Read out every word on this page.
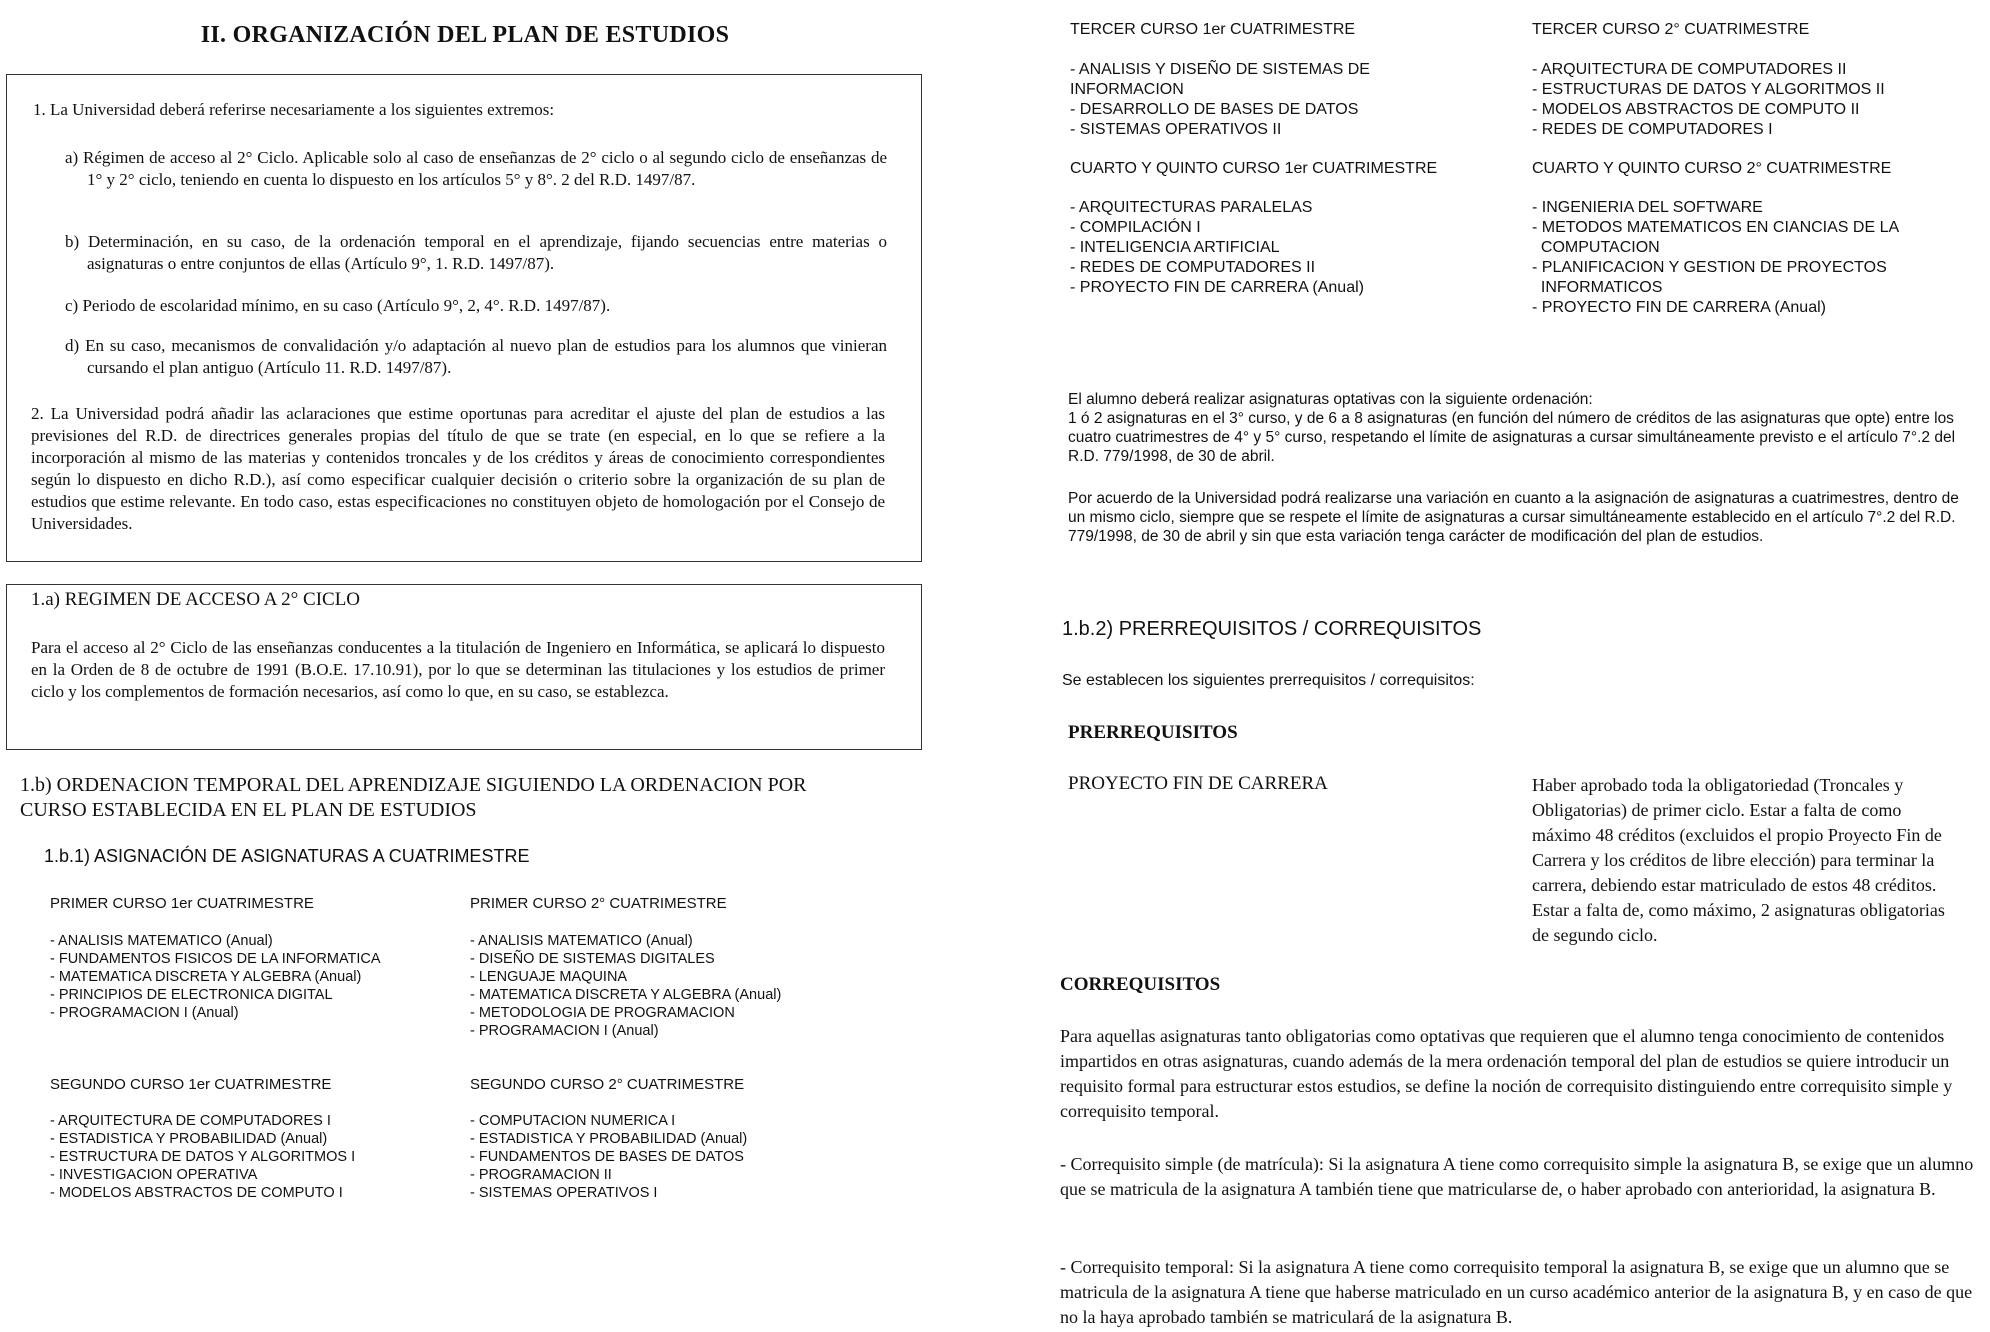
II. ORGANIZACIÓN DEL PLAN DE ESTUDIOS
1. La Universidad deberá referirse necesariamente a los siguientes extremos:
a) Régimen de acceso al 2° Ciclo. Aplicable solo al caso de enseñanzas de 2° ciclo o al segundo ciclo de enseñanzas de 1° y 2° ciclo, teniendo en cuenta lo dispuesto en los artículos 5° y 8°. 2 del R.D. 1497/87.
b) Determinación, en su caso, de la ordenación temporal en el aprendizaje, fijando secuencias entre materias o asignaturas o entre conjuntos de ellas (Artículo 9°, 1. R.D. 1497/87).
c) Periodo de escolaridad mínimo, en su caso (Artículo 9°, 2, 4°. R.D. 1497/87).
d) En su caso, mecanismos de convalidación y/o adaptación al nuevo plan de estudios para los alumnos que vinieran cursando el plan antiguo (Artículo 11. R.D. 1497/87).
2. La Universidad podrá añadir las aclaraciones que estime oportunas para acreditar el ajuste del plan de estudios a las previsiones del R.D. de directrices generales propias del título de que se trate (en especial, en lo que se refiere a la incorporación al mismo de las materias y contenidos troncales y de los créditos y áreas de conocimiento correspondientes según lo dispuesto en dicho R.D.), así como especificar cualquier decisión o criterio sobre la organización de su plan de estudios que estime relevante. En todo caso, estas especificaciones no constituyen objeto de homologación por el Consejo de Universidades.
1.a) REGIMEN DE ACCESO A 2° CICLO
Para el acceso al 2° Ciclo de las enseñanzas conducentes a la titulación de Ingeniero en Informática, se aplicará lo dispuesto en la Orden de 8 de octubre de 1991 (B.O.E. 17.10.91), por lo que se determinan las titulaciones y los estudios de primer ciclo y los complementos de formación necesarios, así como lo que, en su caso, se establezca.
1.b) ORDENACION TEMPORAL DEL APRENDIZAJE SIGUIENDO LA ORDENACION POR
CURSO ESTABLECIDA EN EL PLAN DE ESTUDIOS
1.b.1) ASIGNACIÓN DE ASIGNATURAS A CUATRIMESTRE
PRIMER CURSO 1er CUATRIMESTRE
- ANALISIS MATEMATICO (Anual)
- FUNDAMENTOS FISICOS DE LA INFORMATICA
- MATEMATICA DISCRETA Y ALGEBRA (Anual)
- PRINCIPIOS DE ELECTRONICA DIGITAL
- PROGRAMACION I (Anual)
PRIMER CURSO 2° CUATRIMESTRE
- ANALISIS MATEMATICO (Anual)
- DISEÑO DE SISTEMAS DIGITALES
- LENGUAJE MAQUINA
- MATEMATICA DISCRETA Y ALGEBRA (Anual)
- METODOLOGIA DE PROGRAMACION
- PROGRAMACION I (Anual)
SEGUNDO CURSO 1er CUATRIMESTRE
- ARQUITECTURA DE COMPUTADORES I
- ESTADISTICA Y PROBABILIDAD (Anual)
- ESTRUCTURA DE DATOS Y ALGORITMOS I
- INVESTIGACION OPERATIVA
- MODELOS ABSTRACTOS DE COMPUTO I
SEGUNDO CURSO 2° CUATRIMESTRE
- COMPUTACION NUMERICA I
- ESTADISTICA Y PROBABILIDAD (Anual)
- FUNDAMENTOS DE BASES DE DATOS
- PROGRAMACION II
- SISTEMAS OPERATIVOS I
TERCER CURSO 1er CUATRIMESTRE
- ANALISIS Y DISEÑO DE SISTEMAS DE
INFORMACION
- DESARROLLO DE BASES DE DATOS
- SISTEMAS OPERATIVOS II
TERCER CURSO 2° CUATRIMESTRE
- ARQUITECTURA DE COMPUTADORES II
- ESTRUCTURAS DE DATOS Y ALGORITMOS II
- MODELOS ABSTRACTOS DE COMPUTO II
- REDES DE COMPUTADORES I
CUARTO Y QUINTO CURSO 1er CUATRIMESTRE
- ARQUITECTURAS PARALELAS
- COMPILACIÓN I
- INTELIGENCIA ARTIFICIAL
- REDES DE COMPUTADORES II
- PROYECTO FIN DE CARRERA (Anual)
CUARTO Y QUINTO CURSO 2° CUATRIMESTRE
- INGENIERIA DEL SOFTWARE
- METODOS MATEMATICOS EN CIANCIAS DE LA
COMPUTACION
- PLANIFICACION Y GESTION DE PROYECTOS
INFORMATICOS
- PROYECTO FIN DE CARRERA (Anual)
El alumno deberá realizar asignaturas optativas con la siguiente ordenación:
1 ó 2 asignaturas en el 3° curso, y de 6 a 8 asignaturas (en función del número de créditos de las asignaturas que opte) entre los cuatro cuatrimestres de 4° y 5° curso, respetando el límite de asignaturas a cursar simultáneamente previsto e el artículo 7°.2 del R.D. 779/1998, de 30 de abril.
Por acuerdo de la Universidad podrá realizarse una variación en cuanto a la asignación de asignaturas a cuatrimestres, dentro de un mismo ciclo, siempre que se respete el límite de asignaturas a cursar simultáneamente establecido en el artículo 7°.2 del R.D. 779/1998, de 30 de abril y sin que esta variación tenga carácter de modificación del plan de estudios.
1.b.2) PRERREQUISITOS / CORREQUISITOS
Se establecen los siguientes prerrequisitos / correquisitos:
PRERREQUISITOS
PROYECTO FIN DE CARRERA	Haber aprobado toda la obligatoriedad (Troncales y Obligatorias) de primer ciclo. Estar a falta de como máximo 48 créditos (excluidos el propio Proyecto Fin de Carrera y los créditos de libre elección) para terminar la carrera, debiendo estar matriculado de estos 48 créditos. Estar a falta de, como máximo, 2 asignaturas obligatorias de segundo ciclo.
CORREQUISITOS
Para aquellas asignaturas tanto obligatorias como optativas que requieren que el alumno tenga conocimiento de contenidos impartidos en otras asignaturas, cuando además de la mera ordenación temporal del plan de estudios se quiere introducir un requisito formal para estructurar estos estudios, se define la noción de correquisito distinguiendo entre correquisito simple y correquisito temporal.
- Correquisito simple (de matrícula): Si la asignatura A tiene como correquisito simple la asignatura B, se exige que un alumno que se matricula de la asignatura A también tiene que matricularse de, o haber aprobado con anterioridad, la asignatura B.
- Correquisito temporal: Si la asignatura A tiene como correquisito temporal la asignatura B, se exige que un alumno que se matricula de la asignatura A tiene que haberse matriculado en un curso académico anterior de la asignatura B, y en caso de que no la haya aprobado también se matriculará de la asignatura B.
